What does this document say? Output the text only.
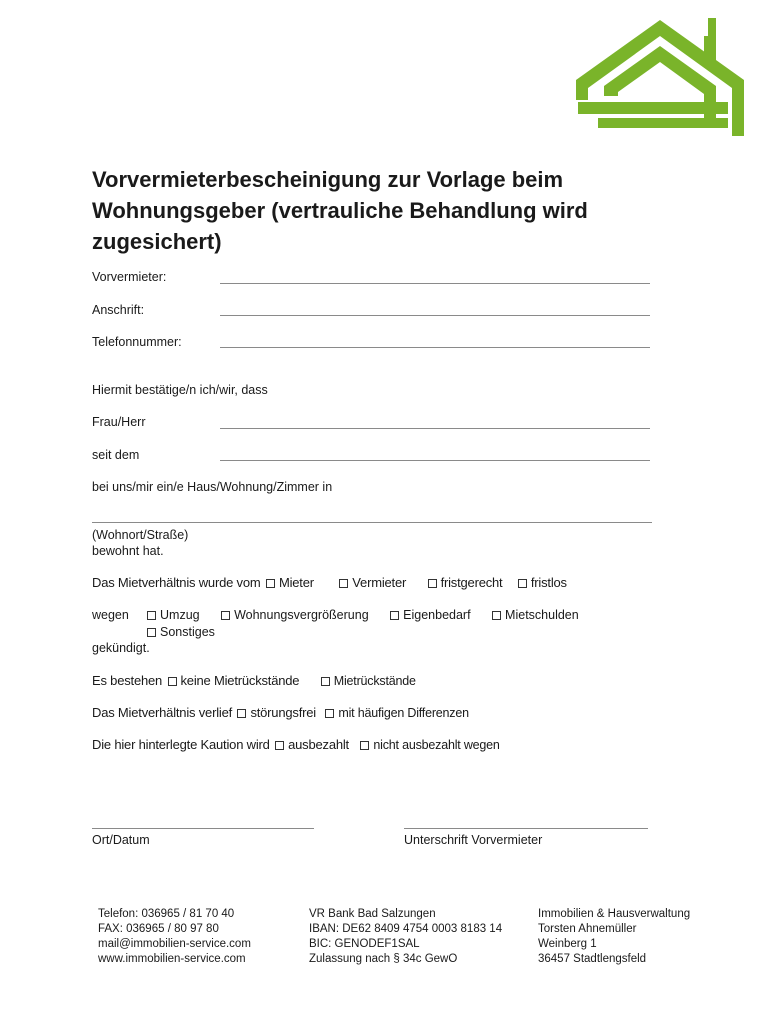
Vorvermieterbescheinigung zur Vorlage beim Wohnungsgeber (vertrauliche Behandlung wird zugesichert)
Vorvermieter:
Anschrift:
Telefonnummer:
Hiermit bestätige/n ich/wir, dass
Frau/Herr
seit dem
bei uns/mir ein/e Haus/Wohnung/Zimmer in
(Wohnort/Straße)
bewohnt hat.
Das Mietverhältnis wurde vom Mieter	Vermieter	fristgerecht fristlos
wegen	Umzug	Wohnungsvergrößerung	Eigenbedarf	Mietschulden
Sonstiges
gekündigt.
Es bestehen keine Mietrückstände	Mietrückstände
Das Mietverhältnis verlief störungsfrei mit häufigen Differenzen
Die hier hinterlegte Kaution wird ausbezahlt nicht ausbezahlt wegen
Ort/Datum	Unterschrift Vorvermieter
Telefon: 036965 / 81 70 40
FAX: 036965 / 80 97 80
mail@immobilien-service.com
www.immobilien-service.com
VR Bank Bad Salzungen
IBAN: DE62 8409 4754 0003 8183 14
BIC: GENODEF1SAL
Zulassung nach § 34c GewO
Immobilien & Hausverwaltung
Torsten Ahnemüller
Weinberg 1
36457 Stadtlengsfeld
